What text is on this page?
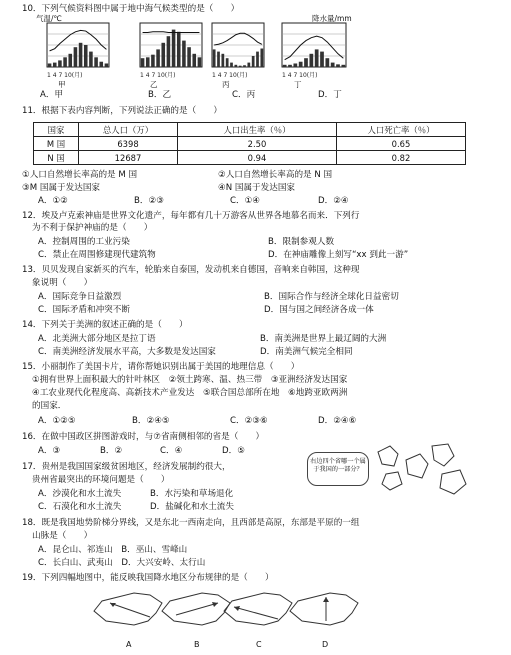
10．下列气候资料图中属于地中海气候类型的是（　　）
1 4 7 10(月)	1 4 7 10(月)	1 4 7 10(月)	1 4 7 10(月)
气温/℃	降水量/mm
甲	乙	丙	丁
A．甲	B．乙	C．丙	D．丁
11．根据下表内容判断，下列说法正确的是（　　）
国家	总人口（万）	人口出生率（％）	人口死亡率（％）
M 国	6398	2.50	0.65
N 国	12687	0.94	0.82
①人口自然增长率高的是 M 国	②人口自然增长率高的是 N 国
③M 国属于发达国家	④N 国属于发达国家
A．①②	B．②③	C．①④	D．②④
12．埃及卢克索神庙是世界文化遗产，每年都有几十万游客从世界各地慕名而来．下列行
为不利于保护神庙的是（　　）
A．控制周围的工业污染	B．限制参观人数
C．禁止在周围修建现代建筑物	D．在神庙雕像上刻写“xx 到此一游”
13．贝贝发现自家新买的汽车，轮胎来自泰国，发动机来自德国，音响来自韩国，这种现
象说明（　　）
A．国际竞争日益激烈	B．国际合作与经济全球化日益密切
C．国际矛盾和冲突不断	D．国与国之间经济各成一体
14．下列关于美洲的叙述正确的是（　　）
A．北美洲大部分地区是拉丁语	B．南美洲是世界上最辽阔的大洲
C．南美洲经济发展水平高，大多数是发达国家	D．南美洲气候完全相同
15．小丽制作了美国卡片，请你帮她识别出属于美国的地理信息（　　）
①拥有世界上面积最大的针叶林区　②领土跨寒、温、热三带　③亚洲经济发达国家
④工农业现代化程度高、高新技术产业发达　⑤联合国总部所在地　⑥地跨亚欧两洲
的国家．
A．①②⑤	B．②④⑤	C．②③⑥	D．②④⑥
16．在做中国政区拼图游戏时，与⑦省南侧相邻的省是（　　）
A．③	B．②	C．④	D．⑤
右边四个省哪一个属于我国的一部分？
17．贵州是我国国家级贫困地区，经济发展制约很大，
贵州省最突出的环境问题是（　　）
A．沙漠化和水土流失	B．水污染和草场退化
C．石漠化和水土流失	D．盐碱化和水土流失
18．既是我国地势阶梯分界线，又是东北一西南走向，且西部是高原，东部是平原的一组
山脉是（　　）
A．昆仑山、祁连山　B．巫山、雪峰山
C．长白山、武夷山　D．大兴安岭、太行山
19．下列四幅地图中，能反映我国降水地区分布规律的是（　　）
A	B	C	D
